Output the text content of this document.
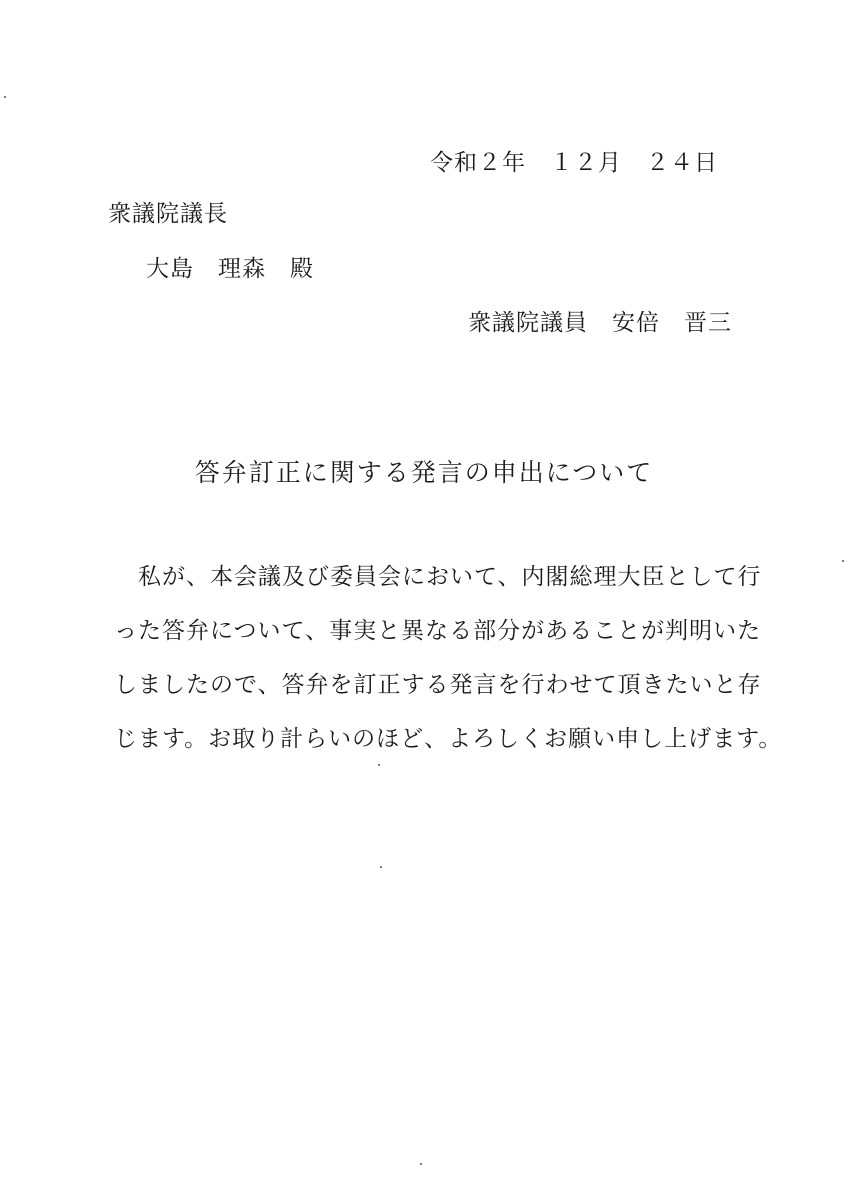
令和２年　１２月　２４日
衆議院議長
大島　理森　殿
衆議院議員　安倍　晋三
答弁訂正に関する発言の申出について
　私が、本会議及び委員会において、内閣総理大臣として行
った答弁について、事実と異なる部分があることが判明いた
しましたので、答弁を訂正する発言を行わせて頂きたいと存
じます。お取り計らいのほど、よろしくお願い申し上げます。
